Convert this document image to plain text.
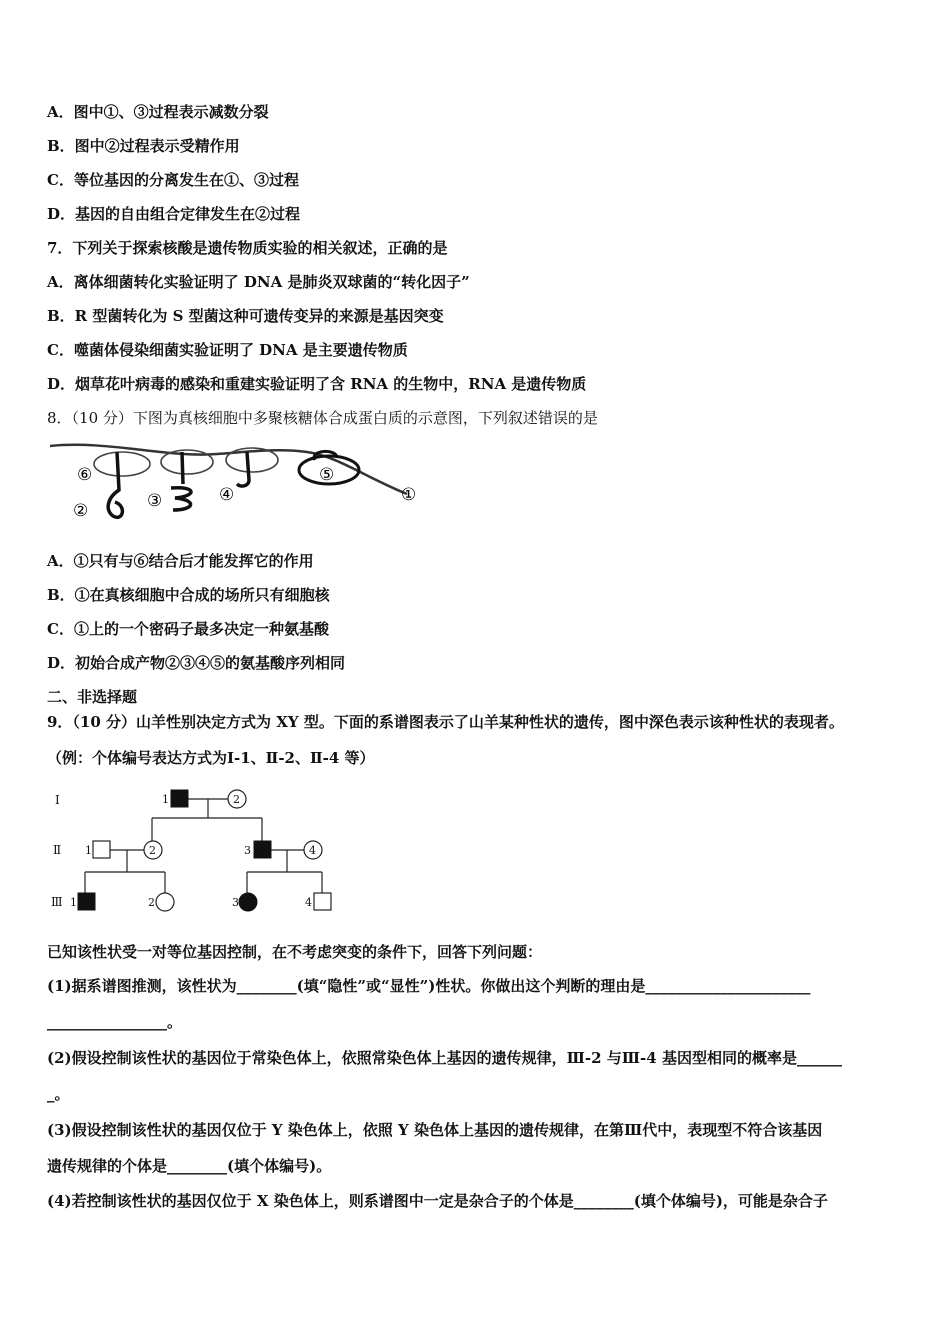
A．图中①、③过程表示减数分裂
B．图中②过程表示受精作用
C．等位基因的分离发生在①、③过程
D．基因的自由组合定律发生在②过程
7．下列关于探索核酸是遗传物质实验的相关叙述，正确的是
A．离体细菌转化实验证明了 DNA 是肺炎双球菌的“转化因子”
B．R 型菌转化为 S 型菌这种可遗传变异的来源是基因突变
C．噬菌体侵染细菌实验证明了 DNA 是主要遗传物质
D．烟草花叶病毒的感染和重建实验证明了含 RNA 的生物中，RNA 是遗传物质
8．（10 分）下图为真核细胞中多聚核糖体合成蛋白质的示意图，下列叙述错误的是
⑥
②	③	④
⑤
①
A．①只有与⑥结合后才能发挥它的作用
B．①在真核细胞中合成的场所只有细胞核
C．①上的一个密码子最多决定一种氨基酸
D．初始合成产物②③④⑤的氨基酸序列相同
二、非选择题
9．（10 分）山羊性别决定方式为 XY 型。下面的系谱图表示了山羊某种性状的遗传，图中深色表示该种性状的表现者。
（例：个体编号表达方式为Ⅰ-1、Ⅱ-2、Ⅱ-4 等）
Ⅰ
Ⅱ
Ⅲ
1	2
1	2	3	4
1	2	3	4
已知该性状受一对等位基因控制，在不考虑突变的条件下，回答下列问题：
(1)据系谱图推测，该性状为________(填“隐性”或“显性”)性状。你做出这个判断的理由是______________________
________________。
(2)假设控制该性状的基因位于常染色体上，依照常染色体上基因的遗传规律，Ⅲ-2 与Ⅲ-4 基因型相同的概率是______
_。
(3)假设控制该性状的基因仅位于 Y 染色体上，依照 Y 染色体上基因的遗传规律，在第Ⅲ代中，表现型不符合该基因
遗传规律的个体是________(填个体编号)。
(4)若控制该性状的基因仅位于 X 染色体上，则系谱图中一定是杂合子的个体是________(填个体编号)，可能是杂合子
